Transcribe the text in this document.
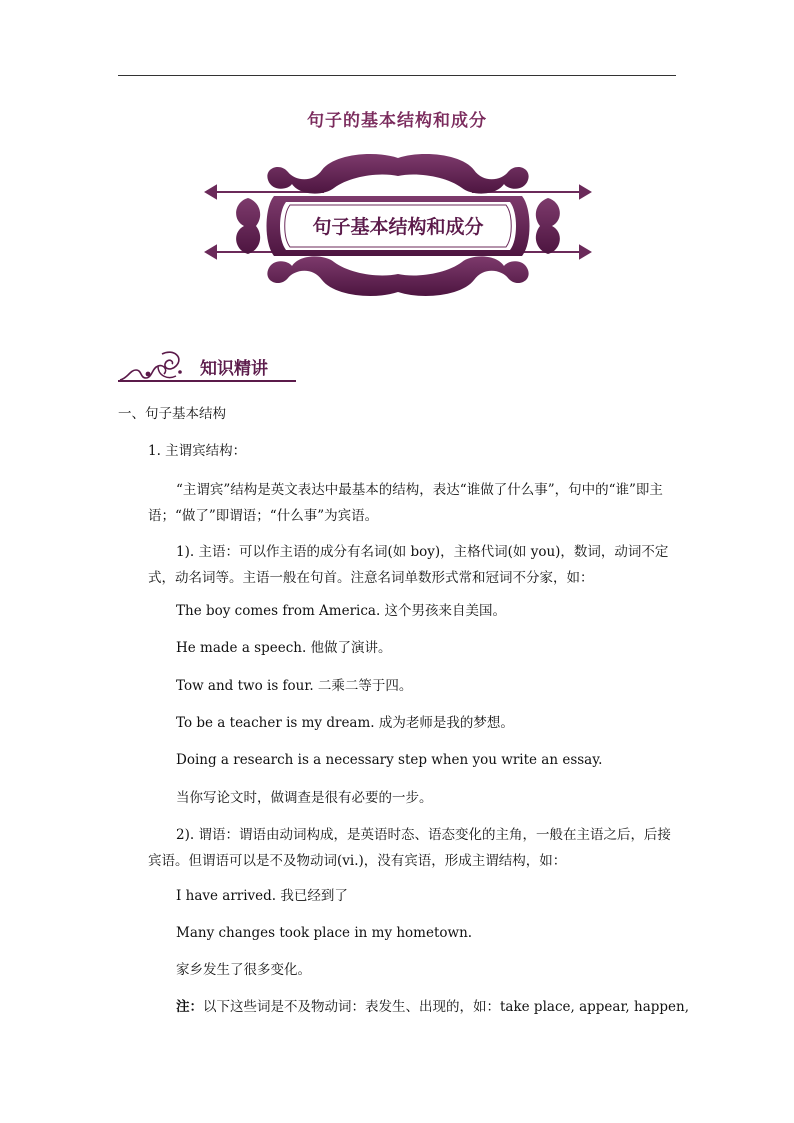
句子的基本结构和成分
句子基本结构和成分
知识精讲
一、句子基本结构
1. 主谓宾结构：
“主谓宾”结构是英文表达中最基本的结构，表达“谁做了什么事”，句中的“谁”即主语；“做了”即谓语；“什么事”为宾语。
1). 主语：可以作主语的成分有名词(如 boy)，主格代词(如 you)，数词，动词不定式，动名词等。主语一般在句首。注意名词单数形式常和冠词不分家，如：
The boy comes from America. 这个男孩来自美国。
He made a speech. 他做了演讲。
Tow and two is four. 二乘二等于四。
To be a teacher is my dream. 成为老师是我的梦想。
Doing a research is a necessary step when you write an essay.
当你写论文时，做调查是很有必要的一步。
2). 谓语：谓语由动词构成，是英语时态、语态变化的主角，一般在主语之后，后接宾语。但谓语可以是不及物动词(vi.)，没有宾语，形成主谓结构，如：
I have arrived. 我已经到了
Many changes took place in my hometown.
家乡发生了很多变化。
注：以下这些词是不及物动词：表发生、出现的，如：take place, appear, happen,
